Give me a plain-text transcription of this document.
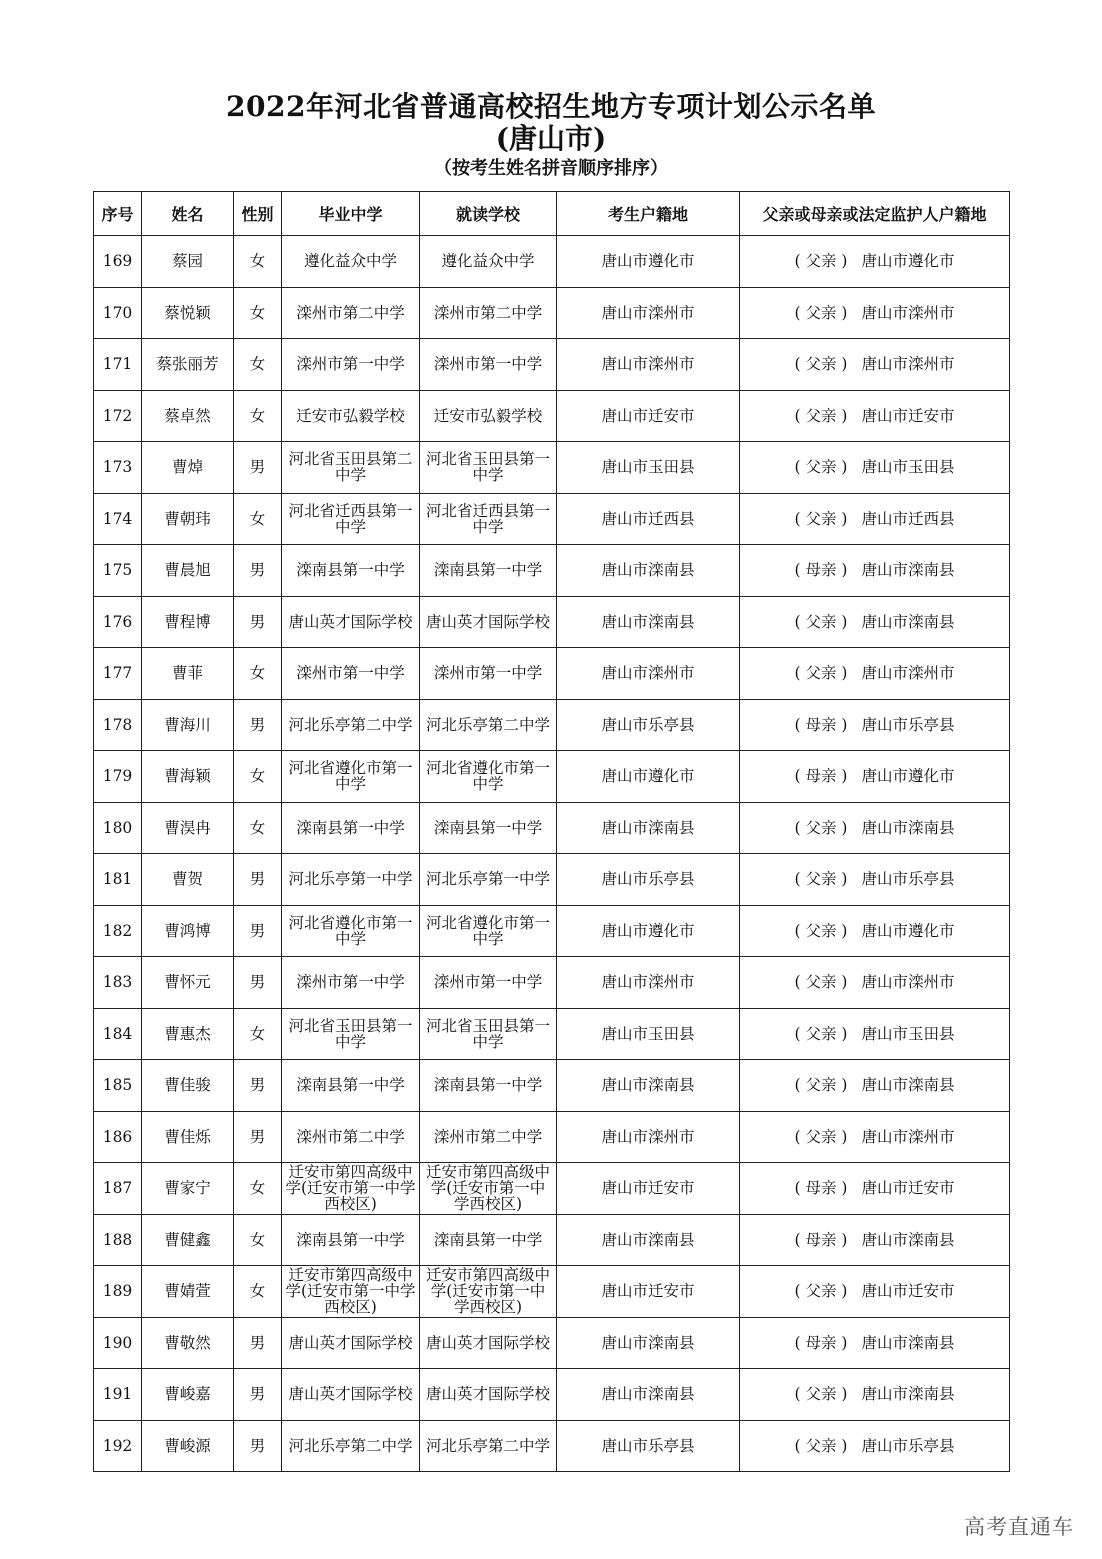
2022年河北省普通高校招生地方专项计划公示名单
(唐山市)
（按考生姓名拼音顺序排序）
序号	姓名	性别	毕业中学	就读学校	考生户籍地	父亲或母亲或法定监护人户籍地
169	蔡园	女	遵化益众中学	遵化益众中学	唐山市遵化市	( 父亲 ) 唐山市遵化市
170	蔡悦颖	女	滦州市第二中学	滦州市第二中学	唐山市滦州市	( 父亲 ) 唐山市滦州市
171	蔡张丽芳	女	滦州市第一中学	滦州市第一中学	唐山市滦州市	( 父亲 ) 唐山市滦州市
172	蔡卓然	女	迁安市弘毅学校	迁安市弘毅学校	唐山市迁安市	( 父亲 ) 唐山市迁安市
173	曹焯	男	河北省玉田县第二中学	河北省玉田县第一中学	唐山市玉田县	( 父亲 ) 唐山市玉田县
174	曹朝玮	女	河北省迁西县第一中学	河北省迁西县第一中学	唐山市迁西县	( 父亲 ) 唐山市迁西县
175	曹晨旭	男	滦南县第一中学	滦南县第一中学	唐山市滦南县	( 母亲 ) 唐山市滦南县
176	曹程博	男	唐山英才国际学校	唐山英才国际学校	唐山市滦南县	( 父亲 ) 唐山市滦南县
177	曹菲	女	滦州市第一中学	滦州市第一中学	唐山市滦州市	( 父亲 ) 唐山市滦州市
178	曹海川	男	河北乐亭第二中学	河北乐亭第二中学	唐山市乐亭县	( 母亲 ) 唐山市乐亭县
179	曹海颖	女	河北省遵化市第一中学	河北省遵化市第一中学	唐山市遵化市	( 母亲 ) 唐山市遵化市
180	曹淏冉	女	滦南县第一中学	滦南县第一中学	唐山市滦南县	( 父亲 ) 唐山市滦南县
181	曹贺	男	河北乐亭第一中学	河北乐亭第一中学	唐山市乐亭县	( 父亲 ) 唐山市乐亭县
182	曹鸿博	男	河北省遵化市第一中学	河北省遵化市第一中学	唐山市遵化市	( 父亲 ) 唐山市遵化市
183	曹怀元	男	滦州市第一中学	滦州市第一中学	唐山市滦州市	( 父亲 ) 唐山市滦州市
184	曹惠杰	女	河北省玉田县第一中学	河北省玉田县第一中学	唐山市玉田县	( 父亲 ) 唐山市玉田县
185	曹佳骏	男	滦南县第一中学	滦南县第一中学	唐山市滦南县	( 父亲 ) 唐山市滦南县
186	曹佳烁	男	滦州市第二中学	滦州市第二中学	唐山市滦州市	( 父亲 ) 唐山市滦州市
187	曹家宁	女	迁安市第四高级中学(迁安市第一中学西校区)	迁安市第四高级中学(迁安市第一中学西校区)	唐山市迁安市	( 母亲 ) 唐山市迁安市
188	曹健鑫	女	滦南县第一中学	滦南县第一中学	唐山市滦南县	( 母亲 ) 唐山市滦南县
189	曹婧萱	女	迁安市第四高级中学(迁安市第一中学西校区)	迁安市第四高级中学(迁安市第一中学西校区)	唐山市迁安市	( 父亲 ) 唐山市迁安市
190	曹敬然	男	唐山英才国际学校	唐山英才国际学校	唐山市滦南县	( 母亲 ) 唐山市滦南县
191	曹峻嘉	男	唐山英才国际学校	唐山英才国际学校	唐山市滦南县	( 父亲 ) 唐山市滦南县
192	曹峻源	男	河北乐亭第二中学	河北乐亭第二中学	唐山市乐亭县	( 父亲 ) 唐山市乐亭县
高考直通车
